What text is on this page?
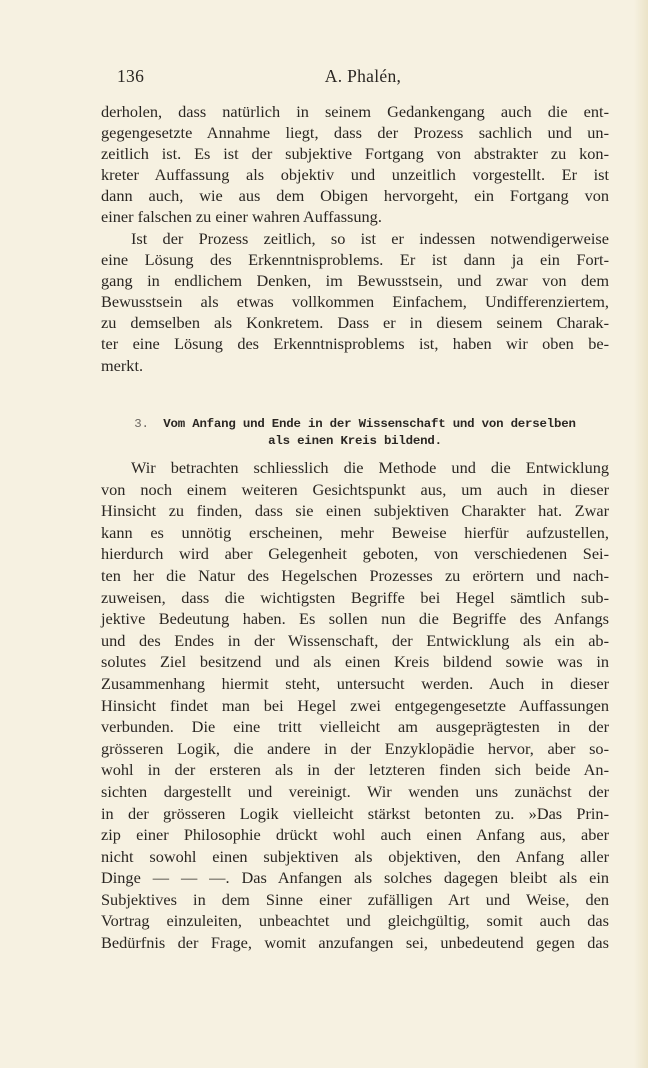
136	A. Phalén,
derholen, dass natürlich in seinem Gedankengang auch die ent-
gegengesetzte Annahme liegt, dass der Prozess sachlich und un-
zeitlich ist. Es ist der subjektive Fortgang von abstrakter zu kon-
kreter Auffassung als objektiv und unzeitlich vorgestellt. Er ist
dann auch, wie aus dem Obigen hervorgeht, ein Fortgang von
einer falschen zu einer wahren Auffassung.
Ist der Prozess zeitlich, so ist er indessen notwendigerweise
eine Lösung des Erkenntnisproblems. Er ist dann ja ein Fort-
gang in endlichem Denken, im Bewusstsein, und zwar von dem
Bewusstsein als etwas vollkommen Einfachem, Undifferenziertem,
zu demselben als Konkretem. Dass er in diesem seinem Charak-
ter eine Lösung des Erkenntnisproblems ist, haben wir oben be-
merkt.
3. Vom Anfang und Ende in der Wissenschaft und von derselben
als einen Kreis bildend.
Wir betrachten schliesslich die Methode und die Entwicklung
von noch einem weiteren Gesichtspunkt aus, um auch in dieser
Hinsicht zu finden, dass sie einen subjektiven Charakter hat. Zwar
kann es unnötig erscheinen, mehr Beweise hierfür aufzustellen,
hierdurch wird aber Gelegenheit geboten, von verschiedenen Sei-
ten her die Natur des Hegelschen Prozesses zu erörtern und nach-
zuweisen, dass die wichtigsten Begriffe bei Hegel sämtlich sub-
jektive Bedeutung haben. Es sollen nun die Begriffe des Anfangs
und des Endes in der Wissenschaft, der Entwicklung als ein ab-
solutes Ziel besitzend und als einen Kreis bildend sowie was in
Zusammenhang hiermit steht, untersucht werden. Auch in dieser
Hinsicht findet man bei Hegel zwei entgegengesetzte Auffassungen
verbunden. Die eine tritt vielleicht am ausgeprägtesten in der
grösseren Logik, die andere in der Enzyklopädie hervor, aber so-
wohl in der ersteren als in der letzteren finden sich beide An-
sichten dargestellt und vereinigt. Wir wenden uns zunächst der
in der grösseren Logik vielleicht stärkst betonten zu. »Das Prin-
zip einer Philosophie drückt wohl auch einen Anfang aus, aber
nicht sowohl einen subjektiven als objektiven, den Anfang aller
Dinge — — —. Das Anfangen als solches dagegen bleibt als ein
Subjektives in dem Sinne einer zufälligen Art und Weise, den
Vortrag einzuleiten, unbeachtet und gleichgültig, somit auch das
Bedürfnis der Frage, womit anzufangen sei, unbedeutend gegen das
